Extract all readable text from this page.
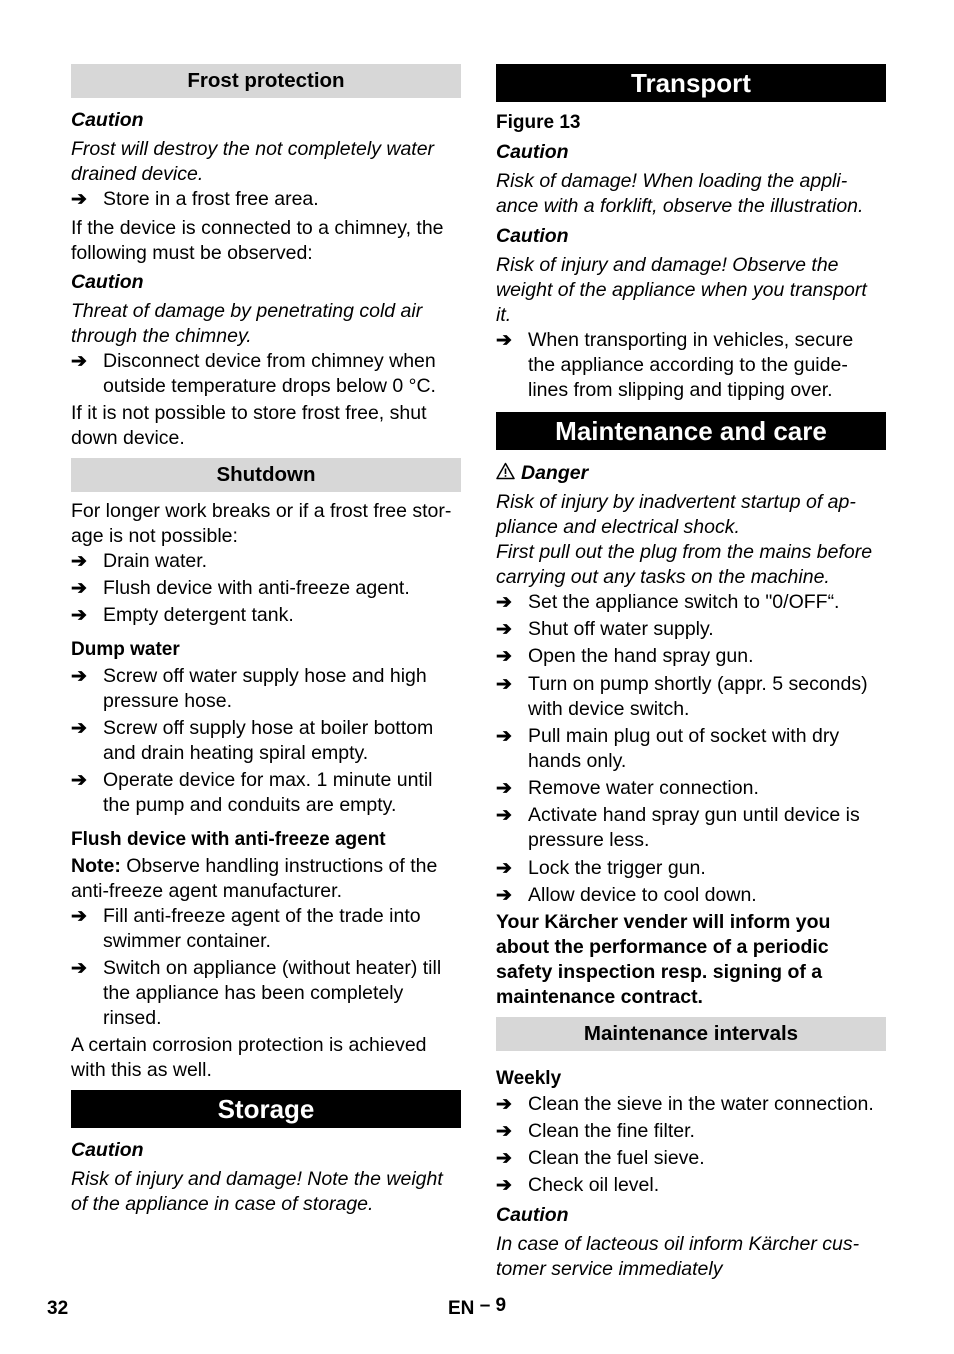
Frost protection
Caution
Frost will destroy the not completely water
drained device.
➔ Store in a frost free area.
If the device is connected to a chimney, the
following must be observed:
Caution
Threat of damage by penetrating cold air
through the chimney.
➔ Disconnect device from chimney when
outside temperature drops below 0 °C.
If it is not possible to store frost free, shut
down device.
Shutdown
For longer work breaks or if a frost free stor-
age is not possible:
➔ Drain water.
➔ Flush device with anti-freeze agent.
➔ Empty detergent tank.
Dump water
➔ Screw off water supply hose and high
pressure hose.
➔ Screw off supply hose at boiler bottom
and drain heating spiral empty.
➔ Operate device for max. 1 minute until
the pump and conduits are empty.
Flush device with anti-freeze agent
Note: Observe handling instructions of the
anti-freeze agent manufacturer.
➔ Fill anti-freeze agent of the trade into
swimmer container.
➔ Switch on appliance (without heater) till
the appliance has been completely
rinsed.
A certain corrosion protection is achieved
with this as well.
Storage
Caution
Risk of injury and damage! Note the weight
of the appliance in case of storage.
Transport
Figure 13
Caution
Risk of damage! When loading the appli-
ance with a forklift, observe the illustration.
Caution
Risk of injury and damage! Observe the
weight of the appliance when you transport
it.
➔ When transporting in vehicles, secure
the appliance according to the guide-
lines from slipping and tipping over.
Maintenance and care
Danger
Risk of injury by inadvertent startup of ap-
pliance and electrical shock.
First pull out the plug from the mains before
carrying out any tasks on the machine.
➔ Set the appliance switch to "0/OFF“.
➔ Shut off water supply.
➔ Open the hand spray gun.
➔ Turn on pump shortly (appr. 5 seconds)
with device switch.
➔ Pull main plug out of socket with dry
hands only.
➔ Remove water connection.
➔ Activate hand spray gun until device is
pressure less.
➔ Lock the trigger gun.
➔ Allow device to cool down.
Your Kärcher vender will inform you
about the performance of a periodic
safety inspection resp. signing of a
maintenance contract.
Maintenance intervals
Weekly
➔ Clean the sieve in the water connection.
➔ Clean the fine filter.
➔ Clean the fuel sieve.
➔ Check oil level.
Caution
In case of lacteous oil inform Kärcher cus-
tomer service immediately
32	EN – 9
